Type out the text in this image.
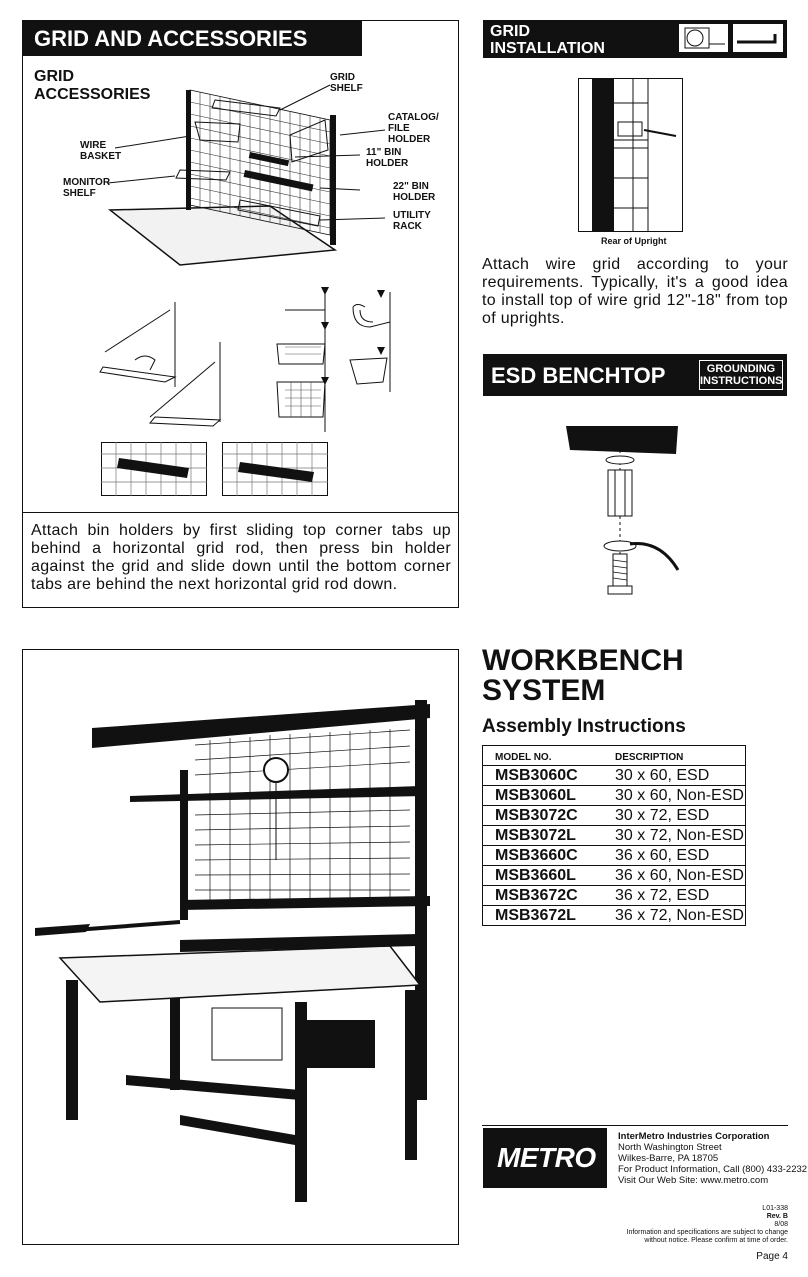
GRID AND ACCESSORIES
GRID
ACCESSORIES
GRID
SHELF
CATALOG/
FILE
HOLDER
WIRE
BASKET	11" BIN
HOLDER
MONITOR
SHELF
22" BIN
HOLDER
UTILITY
RACK
Attach bin holders by first sliding top corner tabs up behind a horizontal grid rod, then press bin holder against the grid and slide down until the bottom corner tabs are behind the next horizontal grid rod down.
GRID
INSTALLATION
Rear of Upright
Attach wire grid according to your requirements. Typically, it's a good idea to install top of wire grid 12"-18" from top of uprights.
ESD BENCHTOP	GROUNDING
INSTRUCTIONS
WORKBENCH
SYSTEM
Assembly Instructions
MODEL NO.	DESCRIPTION
MSB3060C	30 x 60, ESD
MSB3060L	30 x 60, Non-ESD
MSB3072C	30 x 72, ESD
MSB3072L	30 x 72, Non-ESD
MSB3660C	36 x 60, ESD
MSB3660L	36 x 60, Non-ESD
MSB3672C	36 x 72, ESD
MSB3672L	36 x 72, Non-ESD
METRO
InterMetro Industries Corporation
North Washington Street
Wilkes-Barre, PA 18705
For Product Information, Call (800) 433-2232
Visit Our Web Site: www.metro.com
L01-338
Rev. B
8/08
Information and specifications are subject to change
without notice. Please confirm at time of order.
Page 4
